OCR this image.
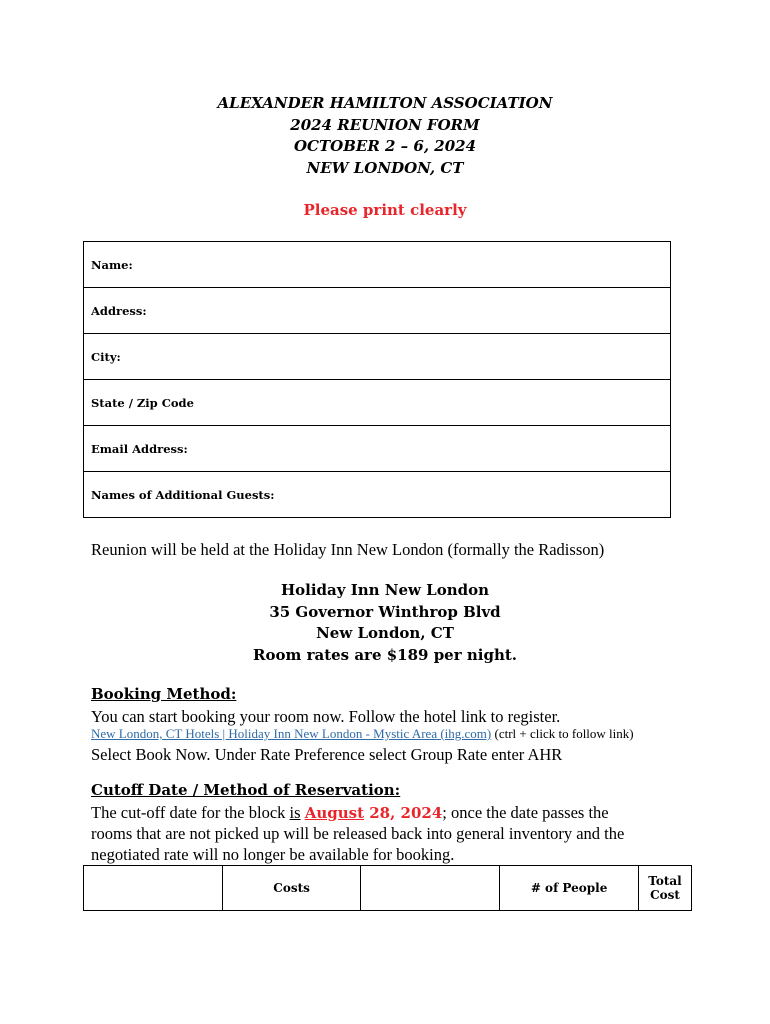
ALEXANDER HAMILTON ASSOCIATION
2024 REUNION FORM
OCTOBER 2 – 6, 2024
NEW LONDON, CT
Please print clearly
Name:
Address:
City:
State / Zip Code
Email Address:
Names of Additional Guests:
Reunion will be held at the Holiday Inn New London (formally the Radisson)
Holiday Inn New London
35 Governor Winthrop Blvd
New London, CT
Room rates are $189 per night.
Booking Method:
You can start booking your room now. Follow the hotel link to register.
New London, CT Hotels | Holiday Inn New London - Mystic Area (ihg.com) (ctrl + click to follow link)
Select Book Now. Under Rate Preference select Group Rate enter AHR
Cutoff Date / Method of Reservation:
The cut-off date for the block is August 28, 2024; once the date passes the
rooms that are not picked up will be released back into general inventory and the
negotiated rate will no longer be available for booking.
	Costs		# of People	Total Cost
